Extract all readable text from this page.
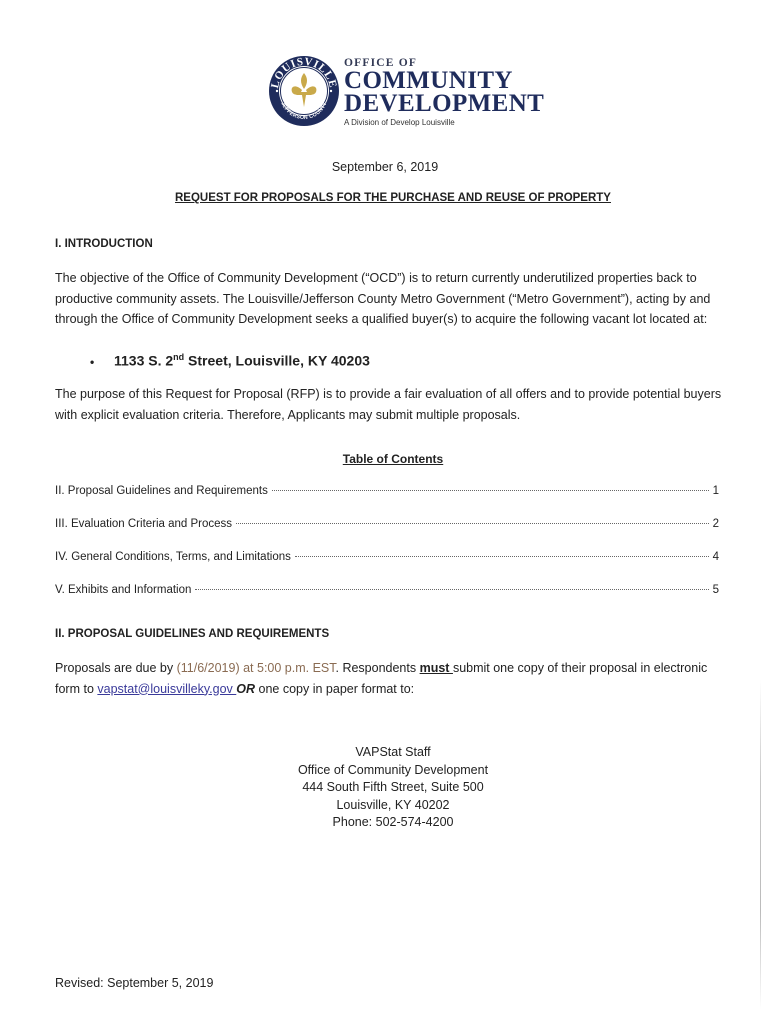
LOUISVILLE
JEFFERSON COUNTY
OFFICE OF
COMMUNITY
DEVELOPMENT
A Division of Develop Louisville
September 6, 2019
REQUEST FOR PROPOSALS FOR THE PURCHASE AND REUSE OF PROPERTY
I. INTRODUCTION
The objective of the Office of Community Development (“OCD”) is to return currently underutilized properties back to productive community assets. The Louisville/Jefferson County Metro Government (“Metro Government”), acting by and through the Office of Community Development seeks a qualified buyer(s) to acquire the following vacant lot located at:
• 1133 S. 2nd Street, Louisville, KY 40203
The purpose of this Request for Proposal (RFP) is to provide a fair evaluation of all offers and to provide potential buyers with explicit evaluation criteria. Therefore, Applicants may submit multiple proposals.
Table of Contents
II. Proposal Guidelines and Requirements	1
III. Evaluation Criteria and Process	2
IV. General Conditions, Terms, and Limitations	4
V. Exhibits and Information	5
II. PROPOSAL GUIDELINES AND REQUIREMENTS
Proposals are due by (11/6/2019) at 5:00 p.m. EST. Respondents must submit one copy of their proposal in electronic form to vapstat@louisvilleky.gov OR one copy in paper format to:
VAPStat Staff
Office of Community Development
444 South Fifth Street, Suite 500
Louisville, KY 40202
Phone: 502-574-4200
Revised: September 5, 2019
